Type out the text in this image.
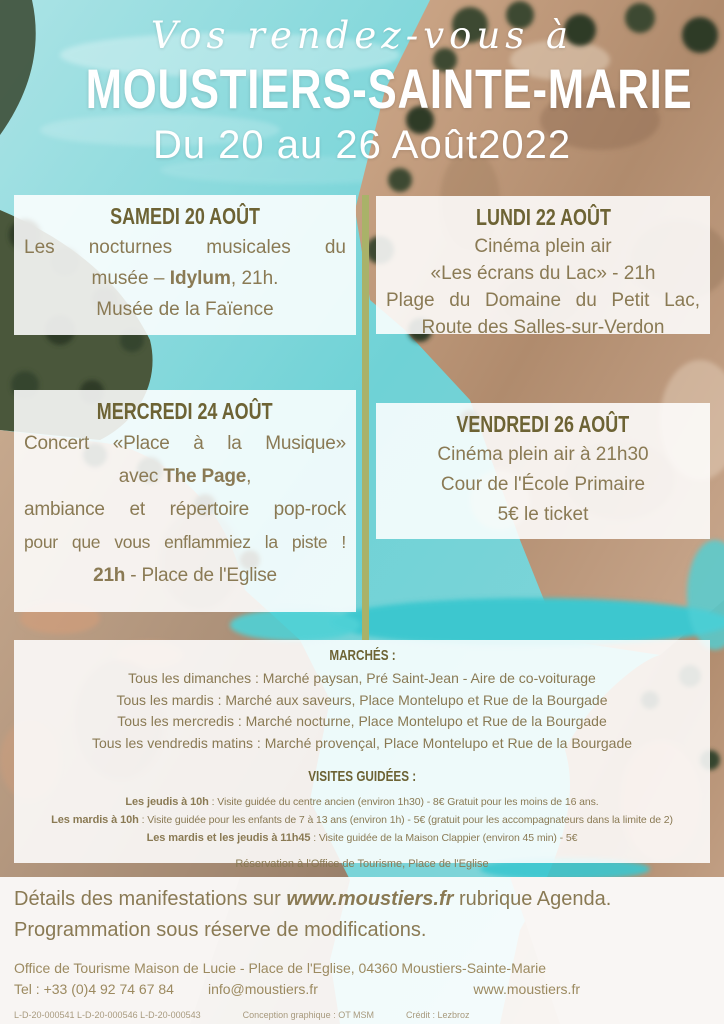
Vos rendez-vous à
MOUSTIERS-SAINTE-MARIE
Du 20 au 26 Août2022
SAMEDI 20 AOÛT
Les nocturnes musicales du
musée – Idylum, 21h.
Musée de la Faïence
LUNDI 22 AOÛT
Cinéma plein air
«Les écrans du Lac» - 21h
Plage du Domaine du Petit Lac,
Route des Salles-sur-Verdon
MERCREDI 24 AOÛT
Concert «Place à la Musique»
avec The Page,
ambiance et répertoire pop-rock
pour que vous enflammiez la piste !
21h - Place de l'Eglise
VENDREDI 26 AOÛT
Cinéma plein air à 21h30
Cour de l'École Primaire
5€ le ticket
MARCHÉS :
Tous les dimanches : Marché paysan, Pré Saint-Jean - Aire de co-voiturage
Tous les mardis : Marché aux saveurs, Place Montelupo et Rue de la Bourgade
Tous les mercredis : Marché nocturne, Place Montelupo et Rue de la Bourgade
Tous les vendredis matins : Marché provençal, Place Montelupo et Rue de la Bourgade
VISITES GUIDÉES :
Les jeudis à 10h : Visite guidée du centre ancien (environ 1h30) - 8€ Gratuit pour les moins de 16 ans.
Les mardis à 10h : Visite guidée pour les enfants de 7 à 13 ans (environ 1h) - 5€ (gratuit pour les accompagnateurs dans la limite de 2)
Les mardis et les jeudis à 11h45 : Visite guidée de la Maison Clappier (environ 45 min) - 5€
Réservation à l'Office de Tourisme, Place de l'Eglise
Détails des manifestations sur www.moustiers.fr rubrique Agenda.
Programmation sous réserve de modifications.
Office de Tourisme Maison de Lucie - Place de l'Eglise, 04360 Moustiers-Sainte-Marie
Tel : +33 (0)4 92 74 67 84 info@moustiers.fr	www.moustiers.fr
L-D-20-000541 L-D-20-000546 L-D-20-000543	Conception graphique : OT MSM	Crédit : Lezbroz
